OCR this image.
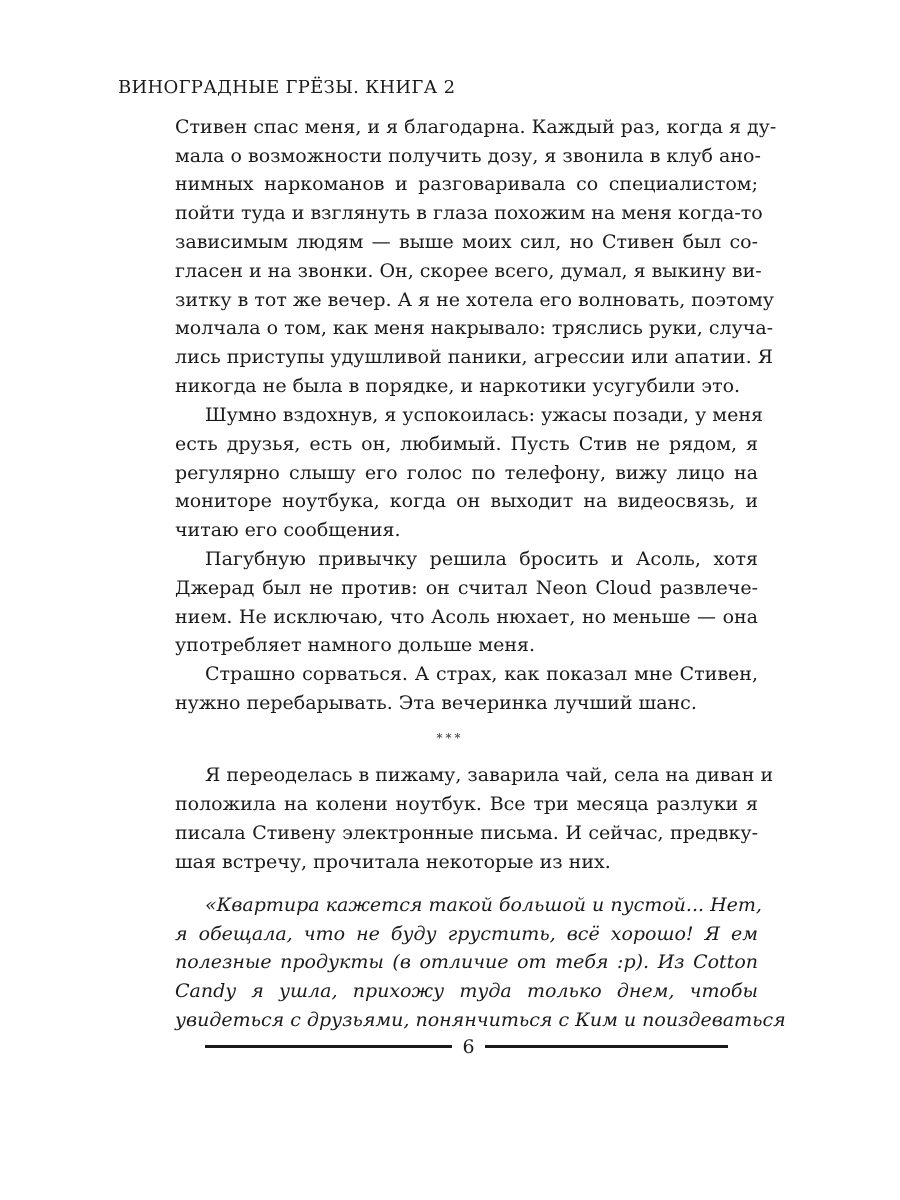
ВИНОГРАДНЫЕ ГРЁЗЫ. КНИГА 2
Стивен спас меня, и я благодарна. Каждый раз, когда я ду-
мала о возможности получить дозу, я звонила в клуб ано-
нимных наркоманов и разговаривала со специалистом;
пойти туда и взглянуть в глаза похожим на меня когда-то
зависимым людям — выше моих сил, но Стивен был со-
гласен и на звонки. Он, скорее всего, думал, я выкину ви-
зитку в тот же вечер. А я не хотела его волновать, поэтому
молчала о том, как меня накрывало: тряслись руки, случа-
лись приступы удушливой паники, агрессии или апатии. Я
никогда не была в порядке, и наркотики усугубили это.
Шумно вздохнув, я успокоилась: ужасы позади, у меня
есть друзья, есть он, любимый. Пусть Стив не рядом, я
регулярно слышу его голос по телефону, вижу лицо на
мониторе ноутбука, когда он выходит на видеосвязь, и
читаю его сообщения.
Пагубную привычку решила бросить и Асоль, хотя
Джерад был не против: он считал Neon Cloud развлече-
нием. Не исключаю, что Асоль нюхает, но меньше — она
употребляет намного дольше меня.
Страшно сорваться. А страх, как показал мне Стивен,
нужно перебарывать. Эта вечеринка лучший шанс.
***
Я переоделась в пижаму, заварила чай, села на диван и
положила на колени ноутбук. Все три месяца разлуки я
писала Стивену электронные письма. И сейчас, предвку-
шая встречу, прочитала некоторые из них.
«Квартира кажется такой большой и пустой... Нет,
я обещала, что не буду грустить, всё хорошо! Я ем
полезные продукты (в отличие от тебя :p). Из Cotton
Candy я ушла, прихожу туда только днем, чтобы
увидеться с друзьями, понянчиться с Ким и поиздеваться
6
